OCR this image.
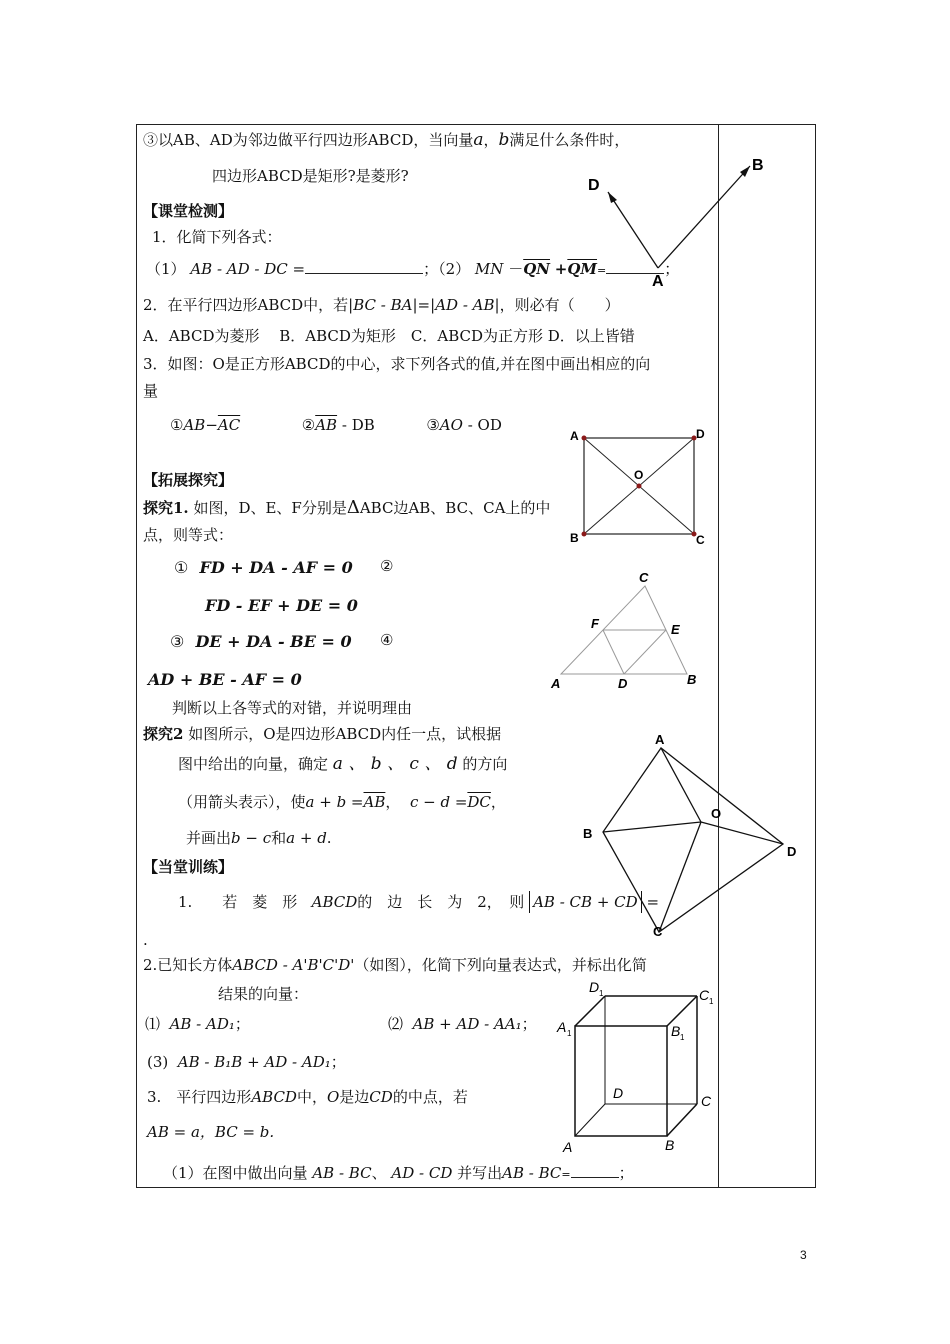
③以AB、AD为邻边做平行四边形ABCD，当向量a，b满足什么条件时，
四边形ABCD是矩形?是菱形?
D
B
A
【课堂检测】
1．化简下列各式：
（1） AB - AD - DC =	；（2） MN $-\overline{QN} +\overline{QM}=$	；
2．在平行四边形ABCD中，若|BC - BA|=|AD - AB|，则必有（　　）
A．ABCD为菱形　 B．ABCD为矩形　C．ABCD为正方形 D．以上皆错
3．如图：O是正方形ABCD的中心，求下列各式的值,并在图中画出相应的向
量
$①AB-\overline{AC}$	$②\overline{AB}$ - DB	③AO - OD
A	D
O
B	C
【拓展探究】
探究1. 如图，D、E、F分别是ΔABC边AB、BC、CA上的中
点，则等式：
① FD + DA - AF = 0 ②
FD - EF + DE = 0
③ DE + DA - BE = 0 ④
AD + BE - AF = 0
C
F	E
A	D	B
判断以上各等式的对错，并说明理由
探究2 如图所示，O是四边形ABCD内任一点，试根据
图中给出的向量，确定 a 、 b 、 c 、 d 的方向
（用箭头表示），使$a + b =\overline{AB}$， $c - d =\overline{DC}$，
并画出b − c和a + d.
A
O
B
D
C
【当堂训练】
1.　　若　菱　形 ABCD的　边　长　为　2，　则 AB - CB + CD =
.
2.已知长方体ABCD - A'B'C'D'（如图），化简下列向量表达式，并标出化简
结果的向量：
⑴ AB - AD₁；	⑵ AB + AD - AA₁；
(3) AB - B₁B + AD - AD₁；
3.　平行四边形ABCD中，O是边CD的中点，若
AB = a，BC = b.
（1）在图中做出向量 AB - BC、 AD - CD 并写出AB - BC=	；
D	C
A	B
D	C
A	B
1
1
1	1
3
